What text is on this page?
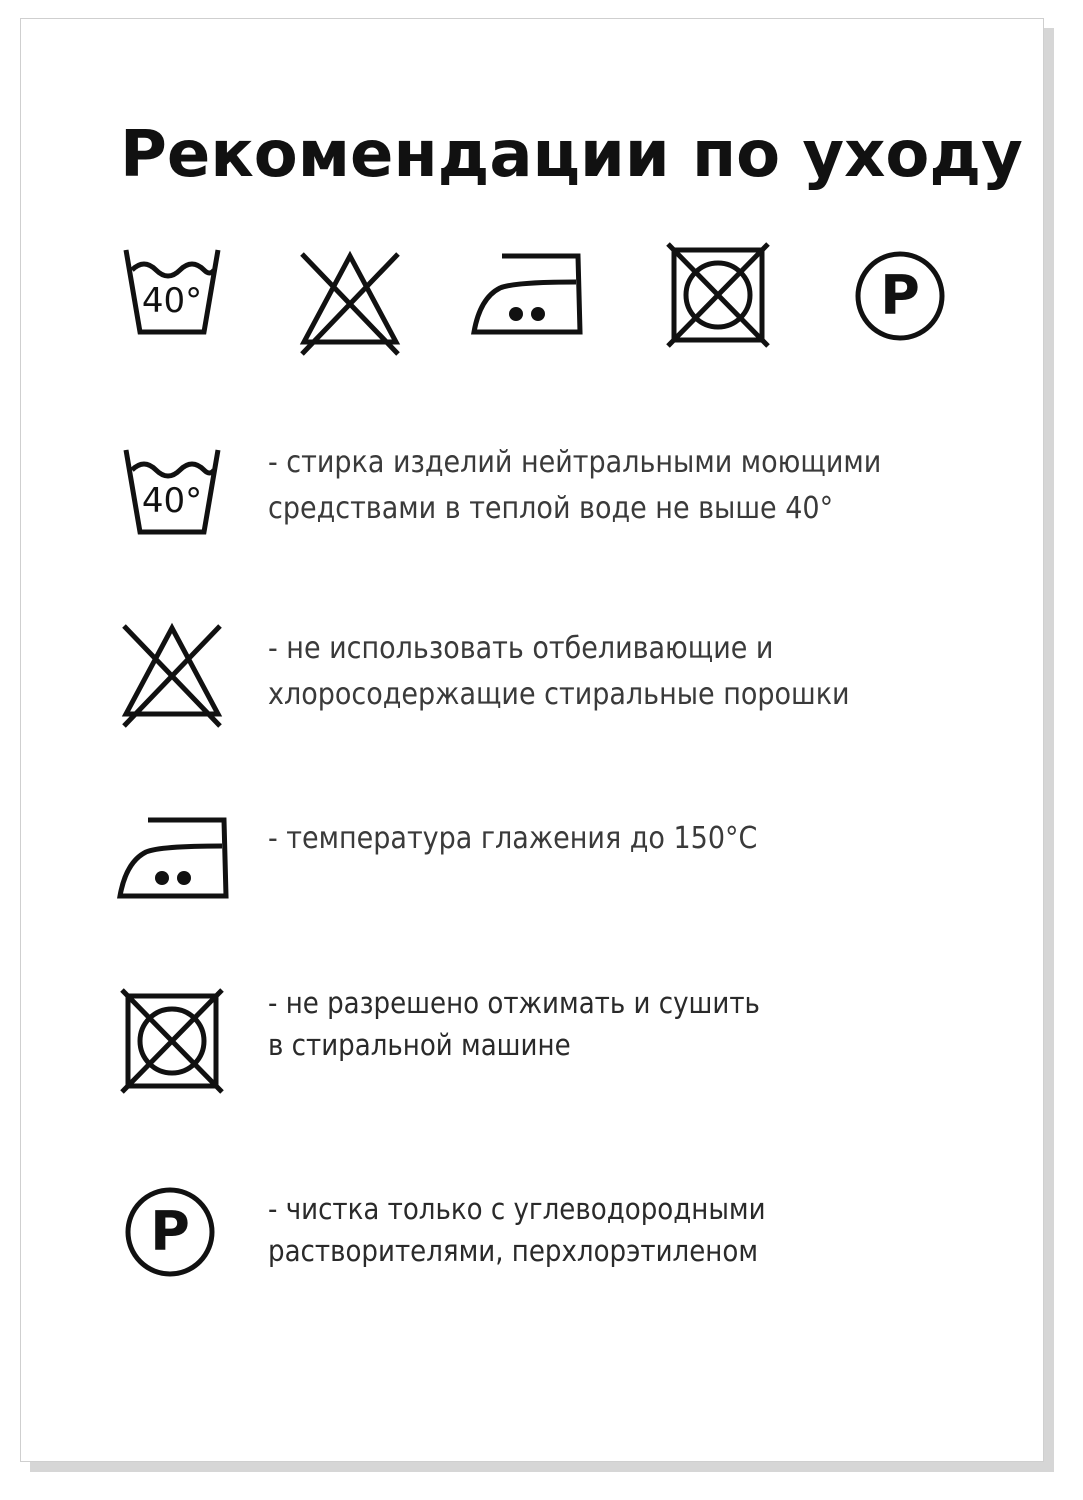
Рекомендации по уходу
40°	P
40°
- стирка изделий нейтральными моющими
средствами в теплой воде не выше 40°
- не использовать отбеливающие и
хлоросодержащие стиральные порошки
- температура глажения до 150°С
- не разрешено отжимать и сушить
в стиральной машине
P	- чистка только с углеводородными
растворителями, перхлорэтиленом
